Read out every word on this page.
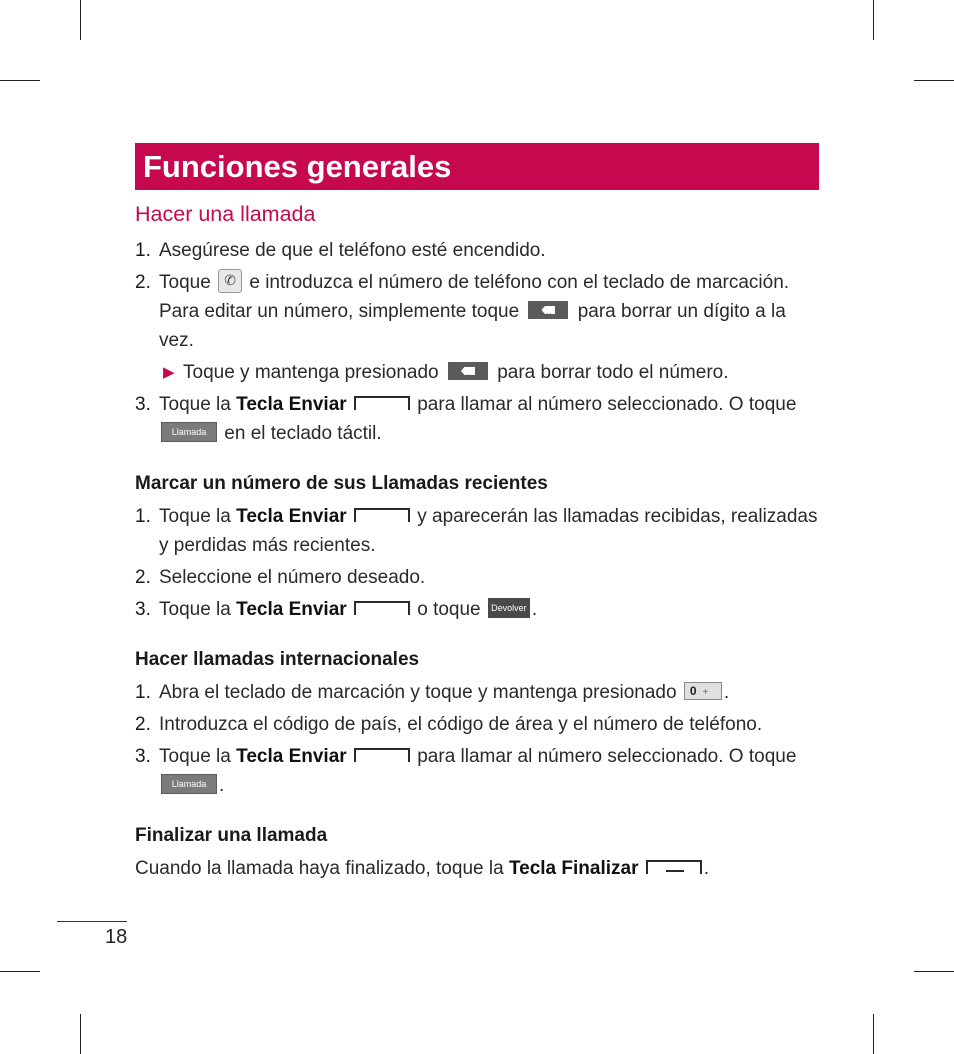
Funciones generales
Hacer una llamada
1. Asegúrese de que el teléfono esté encendido.
2. Toque ✆ e introduzca el número de teléfono con el teclado de marcación. Para editar un número, simplemente toque x	para borrar un dígito a la vez.
▶ Toque y mantenga presionado x	para borrar todo el número.
3. Toque la Tecla Enviar	para llamar al número seleccionado. O toque Llamada en el teclado táctil.
Marcar un número de sus Llamadas recientes
1. Toque la Tecla Enviar	y aparecerán las llamadas recibidas, realizadas y perdidas más recientes.
2. Seleccione el número deseado.
3. Toque la Tecla Enviar	o toque Devolver .
Hacer llamadas internacionales
1. Abra el teclado de marcación y toque y mantenga presionado 0 + .
2. Introduzca el código de país, el código de área y el número de teléfono.
3. Toque la Tecla Enviar	para llamar al número seleccionado. O toque Llamada .
Finalizar una llamada

Cuando la llamada haya finalizado, toque la Tecla Finalizar	.

18
